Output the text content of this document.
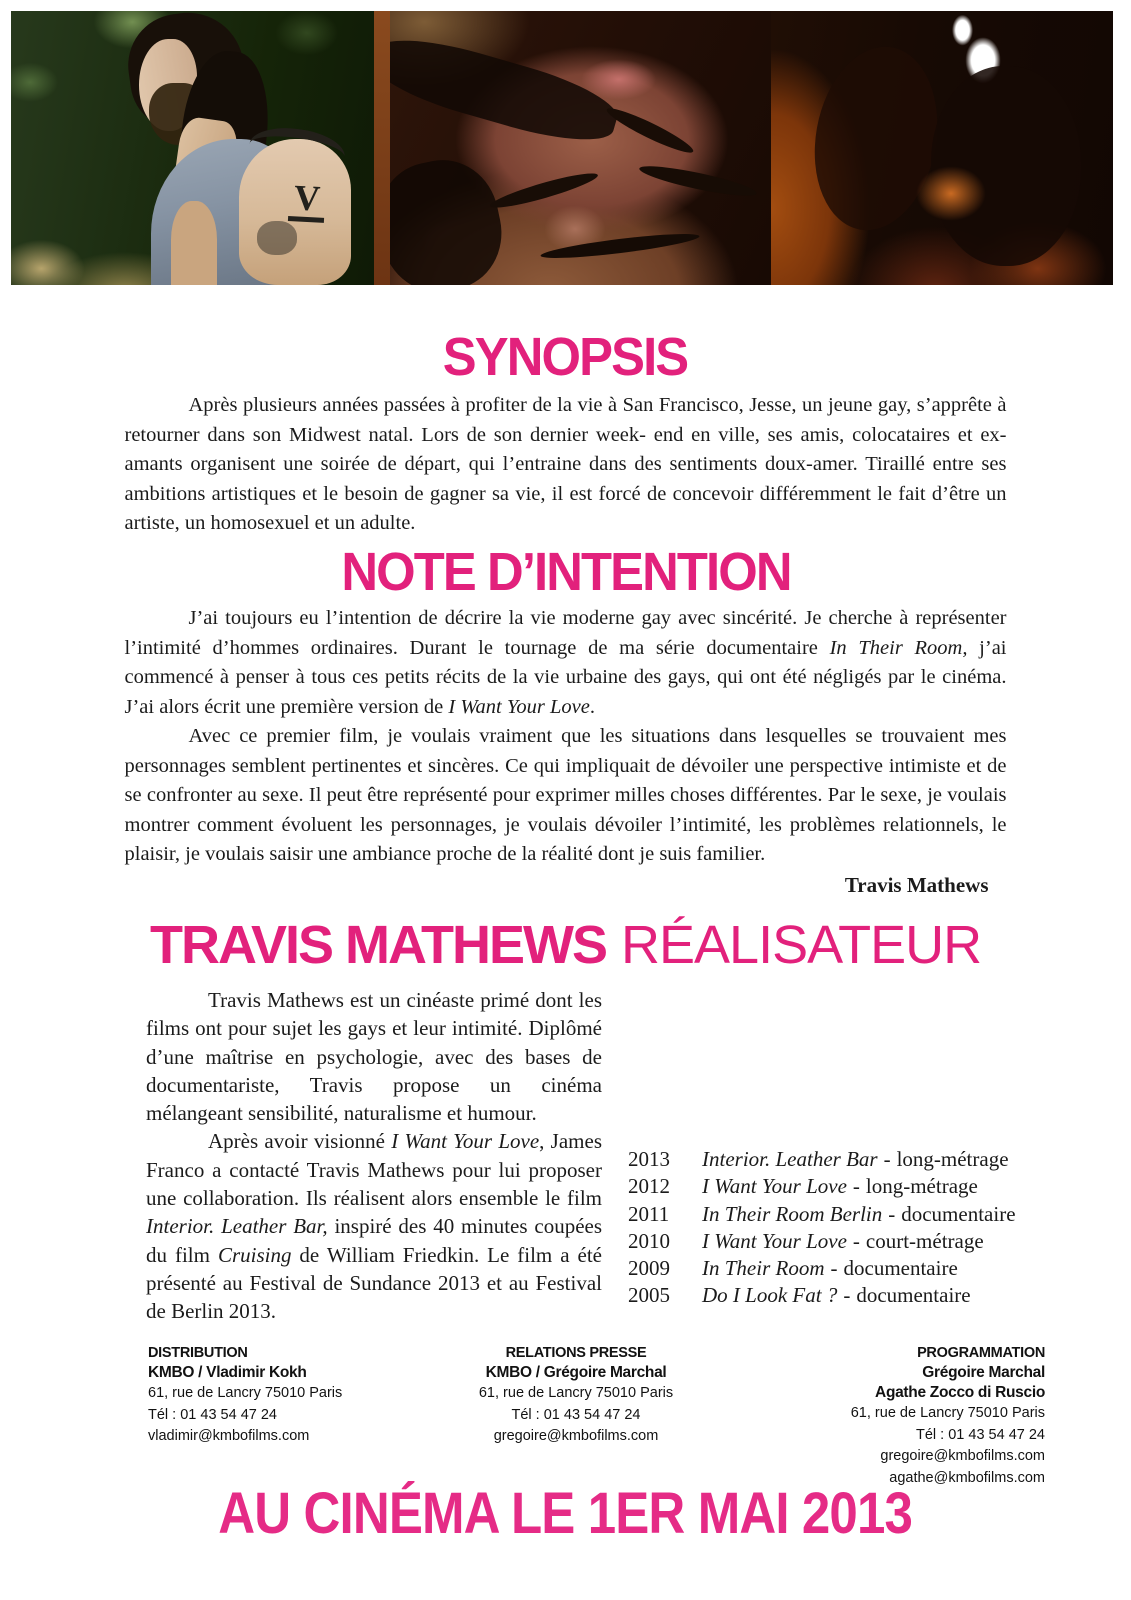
V
SYNOPSIS

Après plusieurs années passées à profiter de la vie à San Francisco, Jesse, un jeune gay, s’apprête à retourner dans son Midwest natal. Lors de son dernier week- end en ville, ses amis, colocataires et ex-amants organisent une soirée de départ, qui l’entraine dans des sentiments doux-amer. Tiraillé entre ses ambitions artistiques et le besoin de gagner sa vie, il est forcé de concevoir différemment le fait d’être un artiste, un homosexuel et un adulte.

NOTE D’INTENTION

J’ai toujours eu l’intention de décrire la vie moderne gay avec sincérité. Je cherche à représenter l’intimité d’hommes ordinaires. Durant le tournage de ma série documentaire In Their Room, j’ai commencé à penser à tous ces petits récits de la vie urbaine des gays, qui ont été négligés par le cinéma. J’ai alors écrit une première version de I Want Your Love.

Avec ce premier film, je voulais vraiment que les situations dans lesquelles se trouvaient mes personnages semblent pertinentes et sincères. Ce qui impliquait de dévoiler une perspective intimiste et de se confronter au sexe. Il peut être représenté pour exprimer milles choses différentes. Par le sexe, je voulais montrer comment évoluent les personnages, je voulais dévoiler l’intimité, les problèmes relationnels, le plaisir, je voulais saisir une ambiance proche de la réalité dont je suis familier.

Travis Mathews
TRAVIS MATHEWS RÉALISATEUR

Travis Mathews est un cinéaste primé dont les films ont pour sujet les gays et leur intimité. Diplômé d’une maîtrise en psychologie, avec des bases de documentariste, Travis propose un cinéma mélangeant sensibilité, naturalisme et humour.

Après avoir visionné I Want Your Love, James Franco a contacté Travis Mathews pour lui proposer une collaboration. Ils réalisent alors ensemble le film Interior. Leather Bar, inspiré des 40 minutes coupées du film Cruising de William Friedkin. Le film a été présenté au Festival de Sundance 2013 et au Festival de Berlin 2013.

2013	Interior. Leather Bar - long-métrage
2012	I Want Your Love - long-métrage
2011	In Their Room Berlin - documentaire
2010	I Want Your Love - court-métrage
2009	In Their Room - documentaire
2005	Do I Look Fat ? - documentaire
DISTRIBUTION
KMBO / Vladimir Kokh
61, rue de Lancry 75010 Paris
Tél : 01 43 54 47 24
vladimir@kmbofilms.com
RELATIONS PRESSE
KMBO / Grégoire Marchal
61, rue de Lancry 75010 Paris
Tél : 01 43 54 47 24
gregoire@kmbofilms.com
PROGRAMMATION
Grégoire Marchal
Agathe Zocco di Ruscio
61, rue de Lancry 75010 Paris
Tél : 01 43 54 47 24
gregoire@kmbofilms.com
agathe@kmbofilms.com
AU CINÉMA LE 1ER MAI 2013
